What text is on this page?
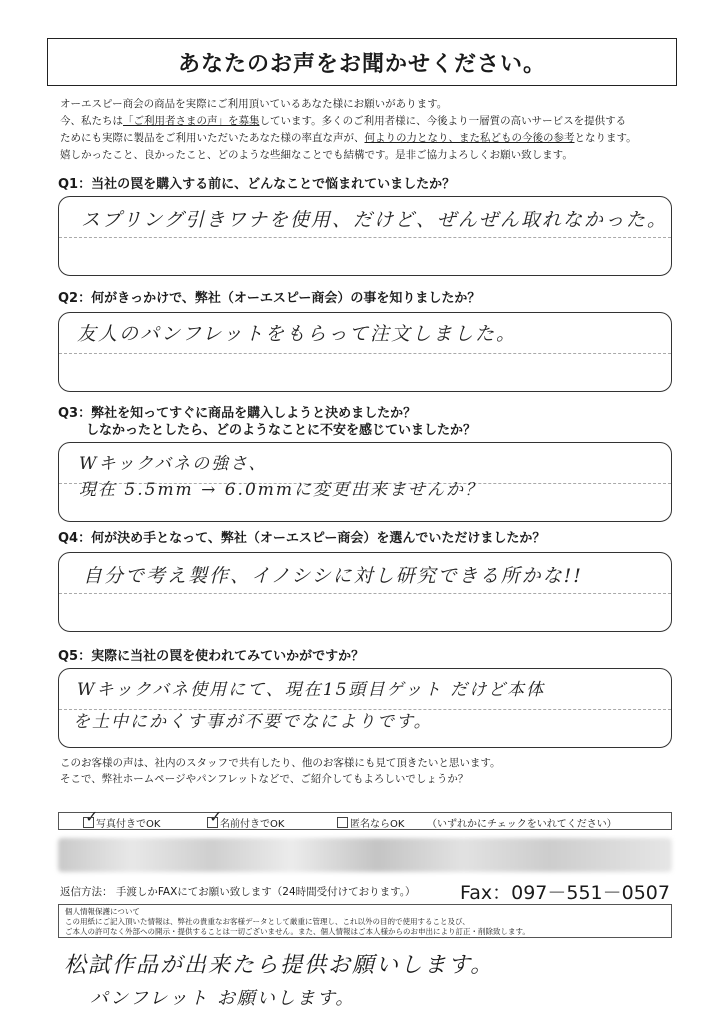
あなたのお声をお聞かせください。
オーエスピー商会の商品を実際にご利用頂いているあなた様にお願いがあります。
今、私たちは「ご利用者さまの声」を募集しています。多くのご利用者様に、今後より一層質の高いサービスを提供する
ためにも実際に製品をご利用いただいたあなた様の率直な声が、何よりの力となり、また私どもの今後の参考となります。
嬉しかったこと、良かったこと、どのような些細なことでも結構です。是非ご協力よろしくお願い致します。
Q1：当社の罠を購入する前に、どんなことで悩まれていましたか？
スプリング引きワナを使用、だけど、ぜんぜん取れなかった。
Q2：何がきっかけで、弊社（オーエスピー商会）の事を知りましたか？
友人のパンフレットをもらって注文しました。
Q3：弊社を知ってすぐに商品を購入しようと決めましたか？
しなかったとしたら、どのようなことに不安を感じていましたか？
Wキックバネの強さ、
現在 5.5mm → 6.0mmに変更出来ませんか？
Q4：何が決め手となって、弊社（オーエスピー商会）を選んでいただけましたか？
自分で考え製作、イノシシに対し研究できる所かな!!
Q5：実際に当社の罠を使われてみていかがですか？
Wキックバネ使用にて、現在15頭目ゲット だけど本体
を土中にかくす事が不要でなによりです。
このお客様の声は、社内のスタッフで共有したり、他のお客様にも見て頂きたいと思います。
そこで、弊社ホームページやパンフレットなどで、ご紹介してもよろしいでしょうか？
✓
写真付きでOK	✓
名前付きでOK	匿名ならOK （いずれかにチェックをいれてください）
返信方法： 手渡しかFAXにてお願い致します（24時間受付けております。） Fax：097－551－0507
個人情報保護について
この用紙にご記入頂いた情報は、弊社の貴重なお客様データとして厳重に管理し、これ以外の目的で使用すること及び、
ご本人の許可なく外部への開示・提供することは一切ございません。また、個人情報はご本人様からのお申出により訂正・削除致します。
松試作品が出来たら提供お願いします。
パンフレット お願いします。
